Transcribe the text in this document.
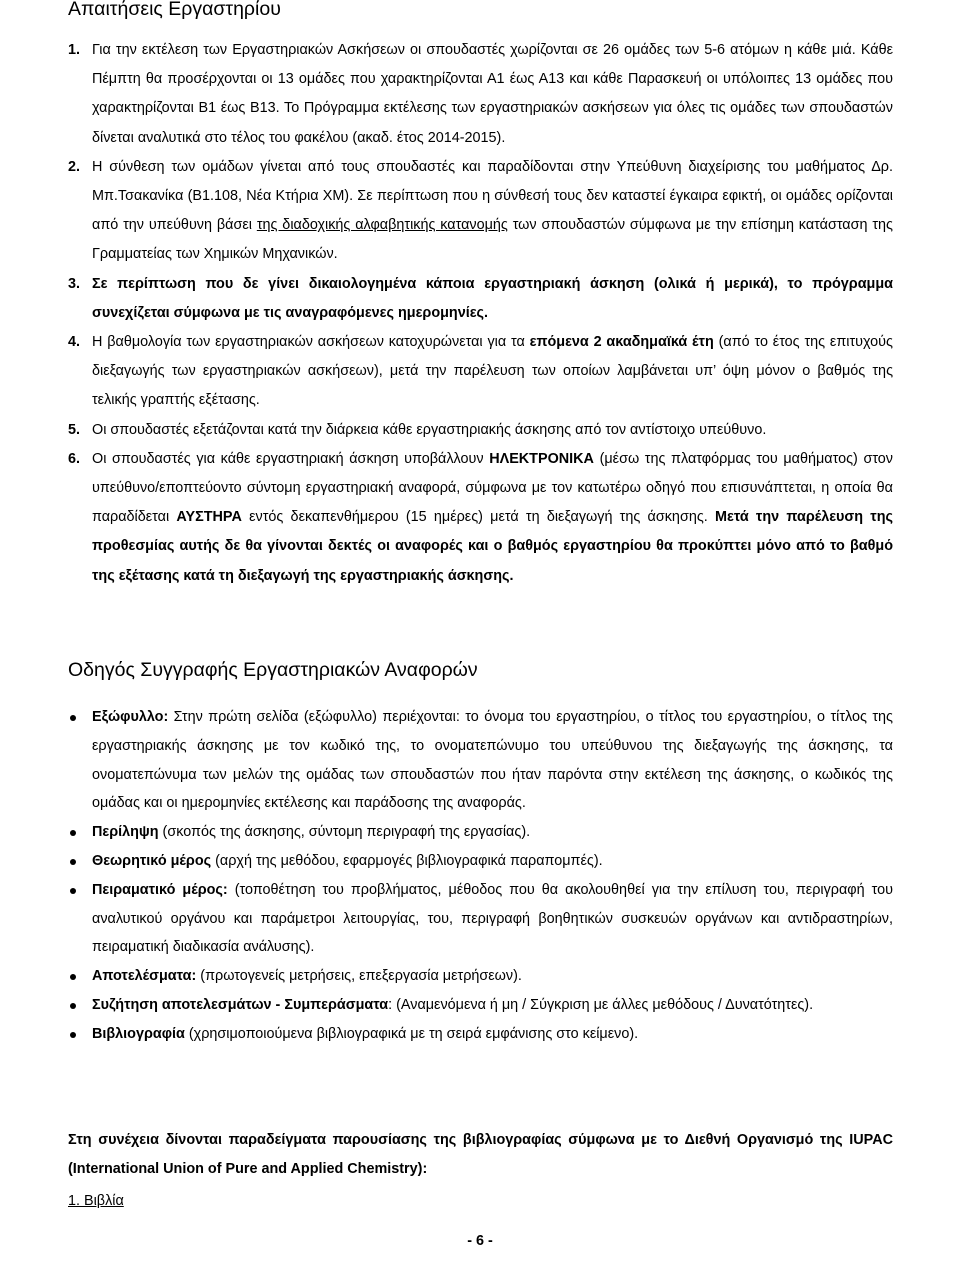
Απαιτήσεις Εργαστηρίου
1. Για την εκτέλεση των Εργαστηριακών Ασκήσεων οι σπουδαστές χωρίζονται σε 26 ομάδες των 5-6 ατόμων η κάθε μιά. Κάθε Πέμπτη θα προσέρχονται οι 13 ομάδες που χαρακτηρίζονται Α1 έως Α13 και κάθε Παρασκευή οι υπόλοιπες 13 ομάδες που χαρακτηρίζονται Β1 έως Β13. Το Πρόγραμμα εκτέλεσης των εργαστηριακών ασκήσεων για όλες τις ομάδες των σπουδαστών δίνεται αναλυτικά στο τέλος του φακέλου (ακαδ. έτος 2014-2015).
2. Η σύνθεση των ομάδων γίνεται από τους σπουδαστές και παραδίδονται στην Υπεύθυνη διαχείρισης του μαθήματος Δρ. Μπ.Τσακανίκα (Β1.108, Νέα Κτήρια ΧΜ). Σε περίπτωση που η σύνθεσή τους δεν καταστεί έγκαιρα εφικτή, οι ομάδες ορίζονται από την υπεύθυνη βάσει της διαδοχικής αλφαβητικής κατανομής των σπουδαστών σύμφωνα με την επίσημη κατάσταση της Γραμματείας των Χημικών Μηχανικών.
3. Σε περίπτωση που δε γίνει δικαιολογημένα κάποια εργαστηριακή άσκηση (ολικά ή μερικά), το πρόγραμμα συνεχίζεται σύμφωνα με τις αναγραφόμενες ημερομηνίες.
4. Η βαθμολογία των εργαστηριακών ασκήσεων κατοχυρώνεται για τα επόμενα 2 ακαδημαϊκά έτη (από το έτος της επιτυχούς διεξαγωγής των εργαστηριακών ασκήσεων), μετά την παρέλευση των οποίων λαμβάνεται υπ’ όψη μόνον ο βαθμός της τελικής γραπτής εξέτασης.
5. Οι σπουδαστές εξετάζονται κατά την διάρκεια κάθε εργαστηριακής άσκησης από τον αντίστοιχο υπεύθυνο.
6. Οι σπουδαστές για κάθε εργαστηριακή άσκηση υποβάλλουν ΗΛΕΚΤΡΟΝΙΚΑ (μέσω της πλατφόρμας του μαθήματος) στον υπεύθυνο/εποπτεύοντο σύντομη εργαστηριακή αναφορά, σύμφωνα με τον κατωτέρω οδηγό που επισυνάπτεται, η οποία θα παραδίδεται ΑΥΣΤΗΡΑ εντός δεκαπενθήμερου (15 ημέρες) μετά τη διεξαγωγή της άσκησης. Μετά την παρέλευση της προθεσμίας αυτής δε θα γίνονται δεκτές οι αναφορές και ο βαθμός εργαστηρίου θα προκύπτει μόνο από το βαθμό της εξέτασης κατά τη διεξαγωγή της εργαστηριακής άσκησης.
Οδηγός Συγγραφής Εργαστηριακών Αναφορών
Εξώφυλλο: Στην πρώτη σελίδα (εξώφυλλο) περιέχονται: το όνομα του εργαστηρίου, ο τίτλος του εργαστηρίου, ο τίτλος της εργαστηριακής άσκησης με τον κωδικό της, το ονοματεπώνυμο του υπεύθυνου της διεξαγωγής της άσκησης, τα ονοματεπώνυμα των μελών της ομάδας των σπουδαστών που ήταν παρόντα στην εκτέλεση της άσκησης, ο κωδικός της ομάδας και οι ημερομηνίες εκτέλεσης και παράδοσης της αναφοράς.
Περίληψη (σκοπός της άσκησης, σύντομη περιγραφή της εργασίας).
Θεωρητικό μέρος (αρχή της μεθόδου, εφαρμογές βιβλιογραφικά παραπομπές).
Πειραματικό μέρος: (τοποθέτηση του προβλήματος, μέθοδος που θα ακολουθηθεί για την επίλυση του, περιγραφή του αναλυτικού οργάνου και παράμετροι λειτουργίας, του, περιγραφή βοηθητικών συσκευών οργάνων και αντιδραστηρίων, πειραματική διαδικασία ανάλυσης).
Αποτελέσματα: (πρωτογενείς μετρήσεις, επεξεργασία μετρήσεων).
Συζήτηση αποτελεσμάτων - Συμπεράσματα: (Αναμενόμενα ή μη / Σύγκριση με άλλες μεθόδους / Δυνατότητες).
Βιβλιογραφία (χρησιμοποιούμενα βιβλιογραφικά με τη σειρά εμφάνισης στο κείμενο).

Στη συνέχεια δίνονται παραδείγματα παρουσίασης της βιβλιογραφίας σύμφωνα με το Διεθνή Οργανισμό της IUPAC (International Union of Pure and Applied Chemistry):

1. Βιβλία

- 6 -
